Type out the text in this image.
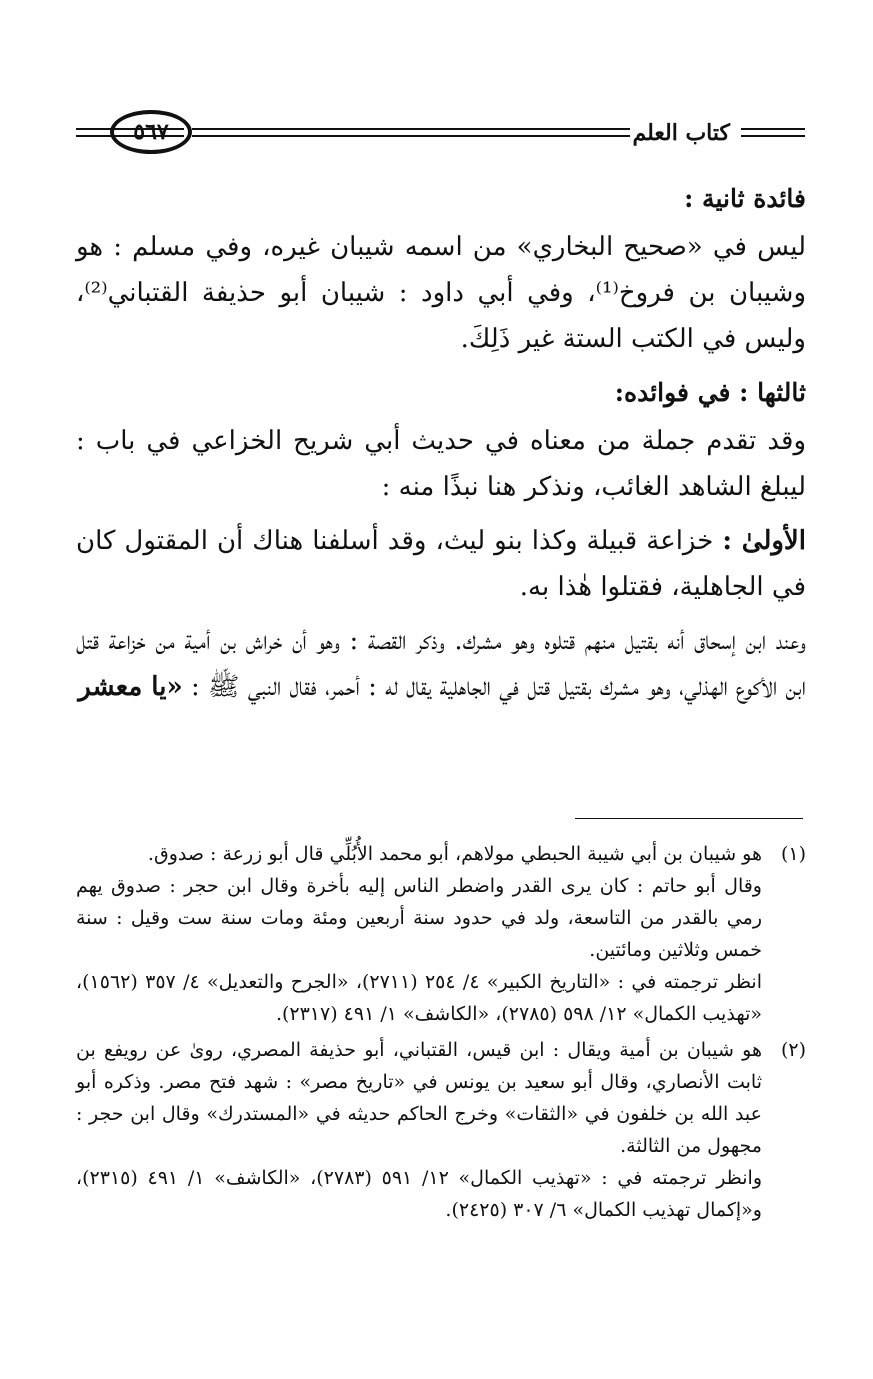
كتاب العلم
٥٦٧

فائدة ثانية :

ليس في «صحيح البخاري» من اسمه شيبان غيره، وفي مسلم : هو وشيبان بن فروخ⁽¹⁾، وفي أبي داود : شيبان أبو حذيفة القتباني⁽²⁾، وليس في الكتب الستة غير ذَلِكَ.

ثالثها : في فوائده:

وقد تقدم جملة من معناه في حديث أبي شريح الخزاعي في باب : ليبلغ الشاهد الغائب، ونذكر هنا نبذًا منه :

الأولىٰ : خزاعة قبيلة وكذا بنو ليث، وقد أسلفنا هناك أن المقتول كان في الجاهلية، فقتلوا هٰذا به.

وعند ابن إسحاق أنه بقتيل منهم قتلوه وهو مشرك. وذكر القصة : وهو أن خراش بن أمية من خزاعة قتل ابن الأكوع الهذلي، وهو مشرك بقتيل قتل في الجاهلية يقال له : أحمر، فقال النبي ﷺ : «يا معشر

(١)

هو شيبان بن أبي شيبة الحبطي مولاهم، أبو محمد الأُبُلِّي قال أبو زرعة : صدوق.

وقال أبو حاتم : كان يرى القدر واضطر الناس إليه بأخرة وقال ابن حجر : صدوق يهم رمي بالقدر من التاسعة، ولد في حدود سنة أربعين ومئة ومات سنة ست وقيل : سنة خمس وثلاثين ومائتين.

انظر ترجمته في : «التاريخ الكبير» ٤/ ٢٥٤ (٢٧١١)، «الجرح والتعديل» ٤/ ٣٥٧ (١٥٦٢)، «تهذيب الكمال» ١٢/ ٥٩٨ (٢٧٨٥)، «الكاشف» ١/ ٤٩١ (٢٣١٧).

(٢)

هو شيبان بن أمية ويقال : ابن قيس، القتباني، أبو حذيفة المصري، روىٰ عن رويفع بن ثابت الأنصاري، وقال أبو سعيد بن يونس في «تاريخ مصر» : شهد فتح مصر. وذكره أبو عبد الله بن خلفون في «الثقات» وخرج الحاكم حديثه في «المستدرك» وقال ابن حجر : مجهول من الثالثة.

وانظر ترجمته في : «تهذيب الكمال» ١٢/ ٥٩١ (٢٧٨٣)، «الكاشف» ١/ ٤٩١ (٢٣١٥)، و«إكمال تهذيب الكمال» ٦/ ٣٠٧ (٢٤٢٥).
